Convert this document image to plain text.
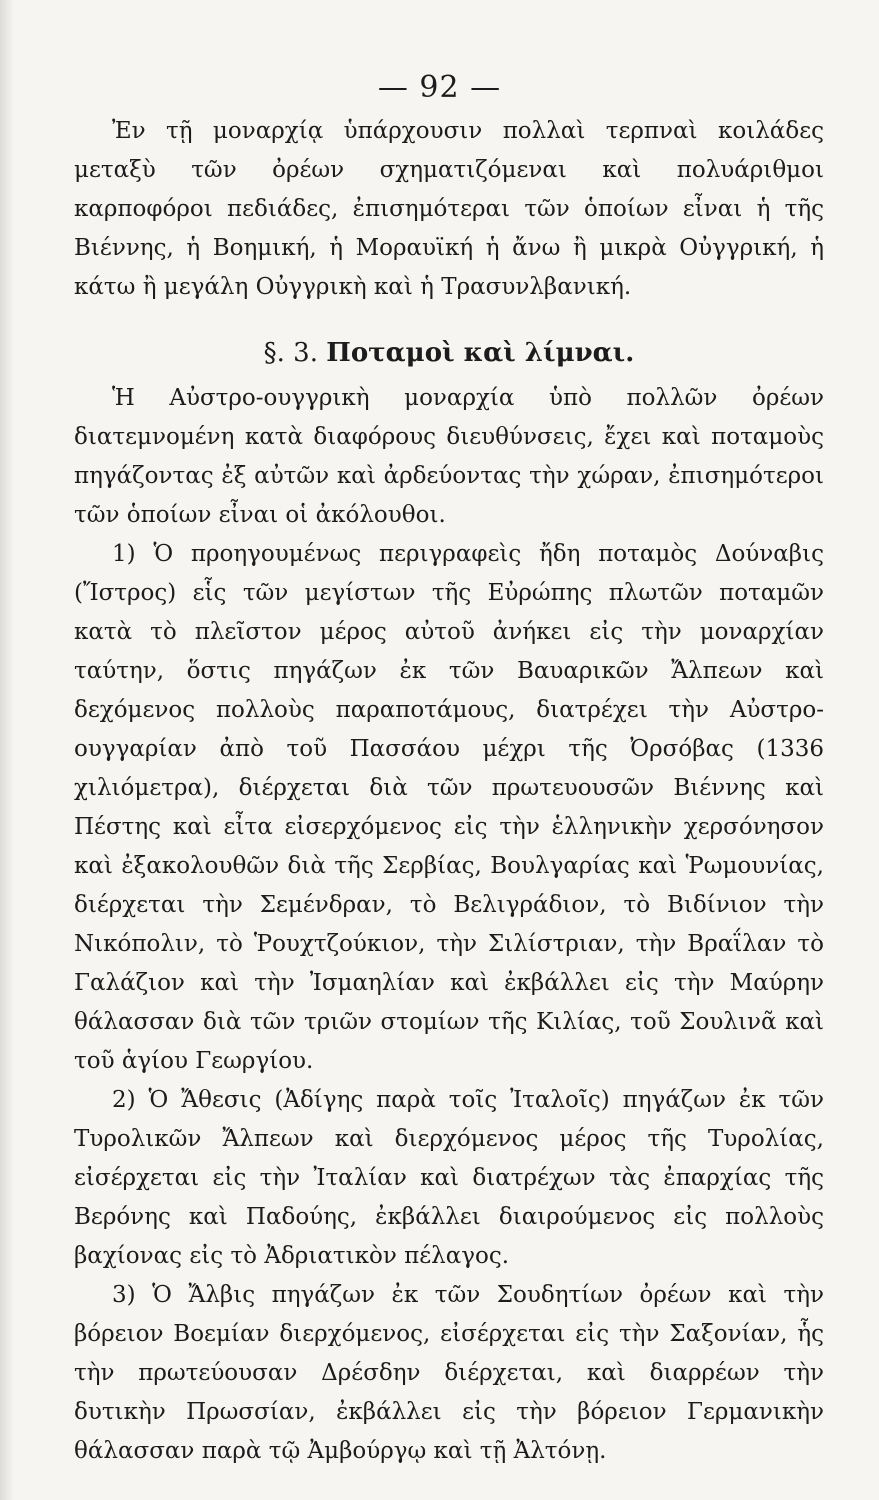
— 92 —

Ἐν τῇ μοναρχίᾳ ὑπάρχουσιν πολλαὶ τερπναὶ κοιλάδες μεταξὺ τῶν ὀρέων σχηματιζόμεναι καὶ πολυάριθμοι καρποφόροι πεδιάδες, ἐπισημότεραι τῶν ὁποίων εἶναι ἡ τῆς Βιέννης, ἡ Βοημική, ἡ Μοραυϊκή ἡ ἄνω ἢ μικρὰ Οὐγγρική, ἡ κάτω ἢ μεγάλη Οὐγγρικὴ καὶ ἡ Τρασυνλβανική.

§. 3. Ποταμοὶ καὶ λίμναι.

Ἡ Αὐστρο-ουγγρικὴ μοναρχία ὑπὸ πολλῶν ὀρέων διατεμνομένη κατὰ διαφόρους διευθύνσεις, ἔχει καὶ ποταμοὺς πηγάζοντας ἐξ αὐτῶν καὶ ἀρδεύοντας τὴν χώραν, ἐπισημότεροι τῶν ὁποίων εἶναι οἱ ἀκόλουθοι.

1) Ὁ προηγουμένως περιγραφεὶς ἤδη ποταμὸς Δούναβις (Ἴστρος) εἷς τῶν μεγίστων τῆς Εὐρώπης πλωτῶν ποταμῶν κατὰ τὸ πλεῖστον μέρος αὐτοῦ ἀνήκει εἰς τὴν μοναρχίαν ταύτην, ὅστις πηγάζων ἐκ τῶν Βαυαρικῶν Ἄλπεων καὶ δεχόμενος πολλοὺς παραποτάμους, διατρέχει τὴν Αὐστρο-ουγγαρίαν ἀπὸ τοῦ Πασσάου μέχρι τῆς Ὀρσόβας (1336 χιλιόμετρα), διέρχεται διὰ τῶν πρωτευουσῶν Βιέννης καὶ Πέστης καὶ εἶτα εἰσερχόμενος εἰς τὴν ἑλληνικὴν χερσόνησον καὶ ἐξακολουθῶν διὰ τῆς Σερβίας, Βουλγαρίας καὶ Ῥωμουνίας, διέρχεται τὴν Σεμένδραν, τὸ Βελιγράδιον, τὸ Βιδίνιον τὴν Νικόπολιν, τὸ Ῥουχτζούκιον, τὴν Σιλίστριαν, τὴν Βραΐλαν τὸ Γαλάζιον καὶ τὴν Ἰσμαηλίαν καὶ ἐκβάλλει εἰς τὴν Μαύρην θάλασσαν διὰ τῶν τριῶν στομίων τῆς Κιλίας, τοῦ Σουλινᾶ καὶ τοῦ ἁγίου Γεωργίου.

2) Ὁ Ἄθεσις (Ἀδίγης παρὰ τοῖς Ἰταλοῖς) πηγάζων ἐκ τῶν Τυρολικῶν Ἄλπεων καὶ διερχόμενος μέρος τῆς Τυρολίας, εἰσέρχεται εἰς τὴν Ἰταλίαν καὶ διατρέχων τὰς ἐπαρχίας τῆς Βερόνης καὶ Παδούης, ἐκβάλλει διαιρούμενος εἰς πολλοὺς βαχίονας εἰς τὸ Ἀδριατικὸν πέλαγος.

3) Ὁ Ἄλβις πηγάζων ἐκ τῶν Σουδητίων ὀρέων καὶ τὴν βόρειον Βοεμίαν διερχόμενος, εἰσέρχεται εἰς τὴν Σαξονίαν, ἧς τὴν πρωτεύουσαν Δρέσδην διέρχεται, καὶ διαρρέων τὴν δυτικὴν Πρωσσίαν, ἐκβάλλει εἰς τὴν βόρειον Γερμανικὴν θάλασσαν παρὰ τῷ Ἀμβούργῳ καὶ τῇ Ἀλτόνῃ.
